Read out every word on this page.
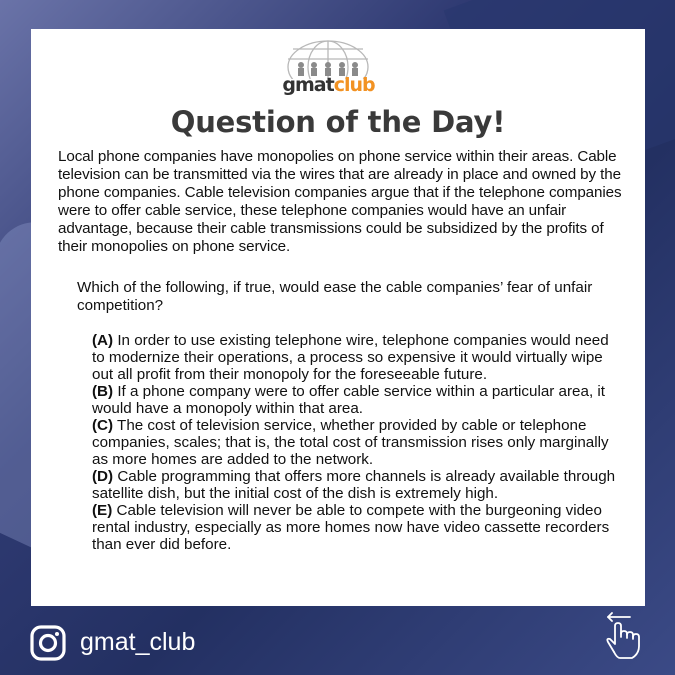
gmatclub
Question of the Day!

Local phone companies have monopolies on phone service within their areas. Cable television can be transmitted via the wires that are already in place and owned by the phone companies. Cable television companies argue that if the telephone companies were to offer cable service, these telephone companies would have an unfair advantage, because their cable transmissions could be subsidized by the profits of their monopolies on phone service.

Which of the following, if true, would ease the cable companies’ fear of unfair competition?

(A) In order to use existing telephone wire, telephone companies would need to modernize their operations, a process so expensive it would virtually wipe out all profit from their monopoly for the foreseeable future.
(B) If a phone company were to offer cable service within a particular area, it would have a monopoly within that area.
(C) The cost of television service, whether provided by cable or telephone companies, scales; that is, the total cost of transmission rises only marginally as more homes are added to the network.
(D) Cable programming that offers more channels is already available through satellite dish, but the initial cost of the dish is extremely high.
(E) Cable television will never be able to compete with the burgeoning video rental industry, especially as more homes now have video cassette recorders than ever did before.
gmat_club
